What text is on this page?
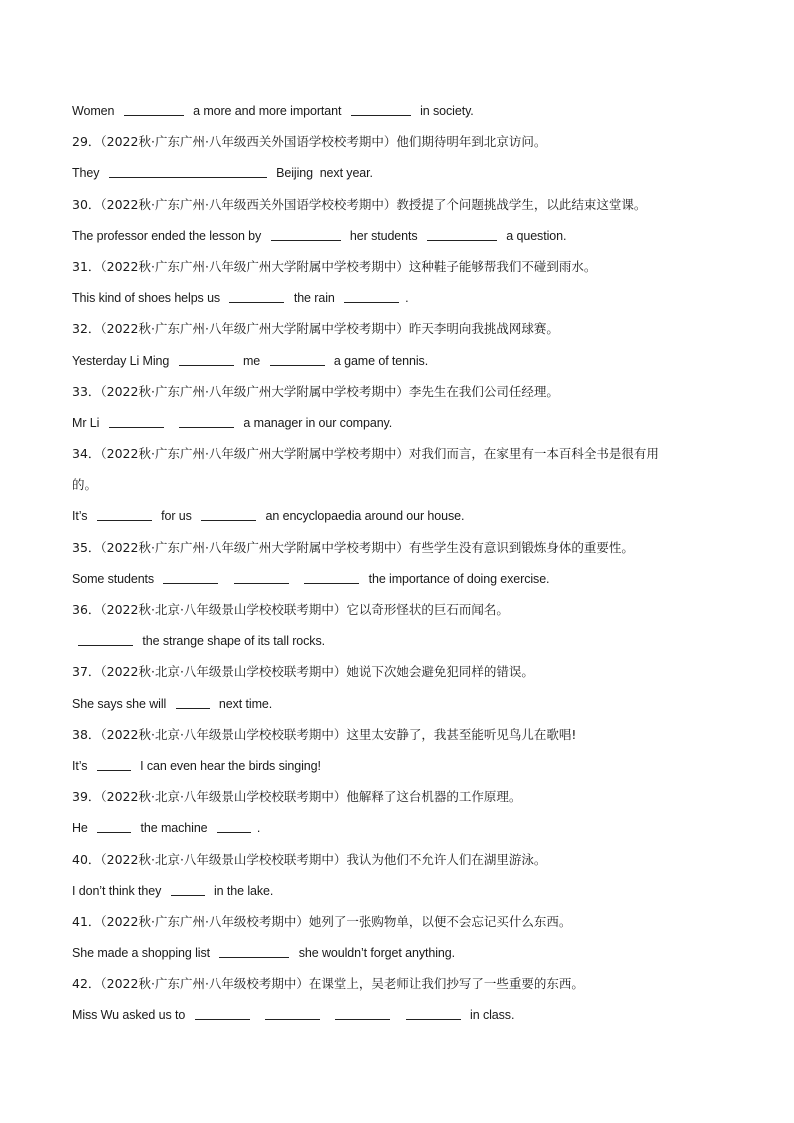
Women	a more and more important	in society.
29．（2022秋·广东广州·八年级西关外国语学校校考期中）他们期待明年到北京访问。
They	Beijing  next year.
30．（2022秋·广东广州·八年级西关外国语学校校考期中）教授提了个问题挑战学生，以此结束这堂课。
The professor ended the lesson by	her students	a question.
31．（2022秋·广东广州·八年级广州大学附属中学校考期中）这种鞋子能够帮我们不碰到雨水。
This kind of shoes helps us	the rain	.
32．（2022秋·广东广州·八年级广州大学附属中学校考期中）昨天李明向我挑战网球赛。
Yesterday Li Ming	me	a game of tennis.
33．（2022秋·广东广州·八年级广州大学附属中学校考期中）李先生在我们公司任经理。
Mr Li
	a manager in our company.
34．（2022秋·广东广州·八年级广州大学附属中学校考期中）对我们而言，在家里有一本百科全书是很有用
的。
It’s	for us	an encyclopaedia around our house.
35．（2022秋·广东广州·八年级广州大学附属中学校考期中）有些学生没有意识到锻炼身体的重要性。
Some students

	the importance of doing exercise.
36．（2022秋·北京·八年级景山学校校联考期中）它以奇形怪状的巨石而闻名。
the strange shape of its tall rocks.
37．（2022秋·北京·八年级景山学校校联考期中）她说下次她会避免犯同样的错误。
She says she will	next time.
38．（2022秋·北京·八年级景山学校校联考期中）这里太安静了，我甚至能听见鸟儿在歌唱!
It’s	I can even hear the birds singing!
39．（2022秋·北京·八年级景山学校校联考期中）他解释了这台机器的工作原理。
He	the machine	.
40．（2022秋·北京·八年级景山学校校联考期中）我认为他们不允许人们在湖里游泳。
I don’t think they	in the lake.
41．（2022秋·广东广州·八年级校考期中）她列了一张购物单，以便不会忘记买什么东西。
She made a shopping list	she wouldn’t forget anything.
42．（2022秋·广东广州·八年级校考期中）在课堂上，吴老师让我们抄写了一些重要的东西。
Miss Wu asked us to

	in class.
